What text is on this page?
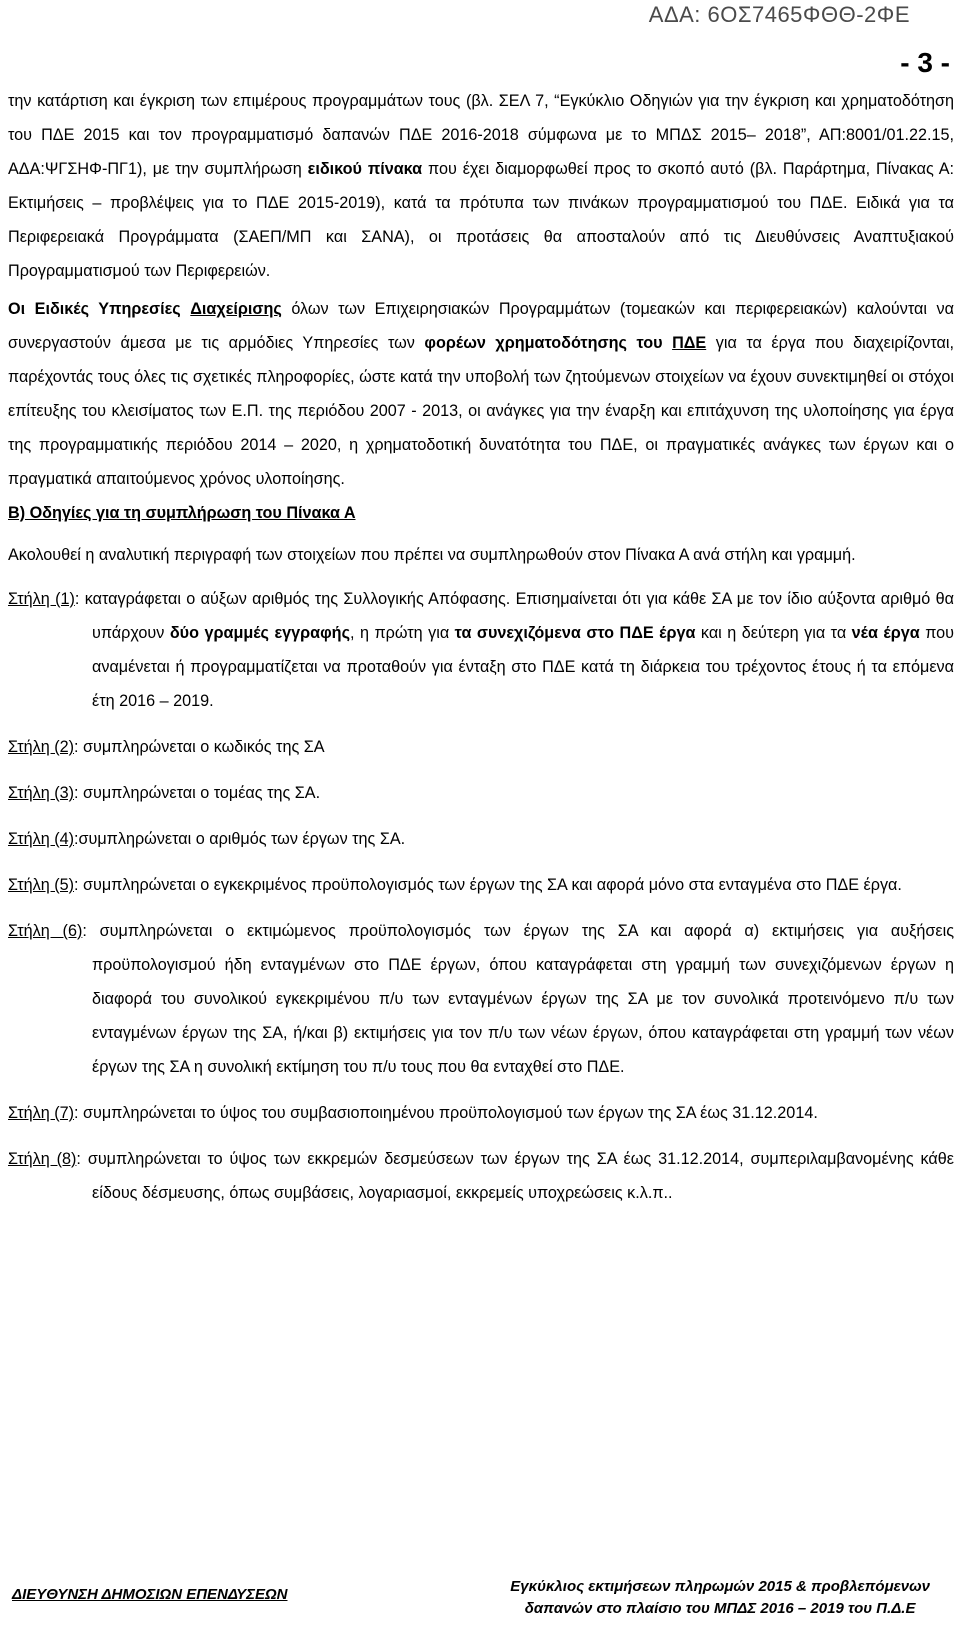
ΑΔΑ: 6ΟΣ7465ΦΘΘ-2ΦΕ
- 3 -

την κατάρτιση και έγκριση των επιμέρους προγραμμάτων τους (βλ. ΣΕΛ 7, “Εγκύκλιο Οδηγιών για την έγκριση και χρηματοδότηση του ΠΔΕ 2015 και τον προγραμματισμό δαπανών ΠΔΕ 2016-2018 σύμφωνα με το ΜΠΔΣ 2015– 2018”, ΑΠ:8001/01.22.15, ΑΔΑ:ΨΓΣΗΦ-ΠΓ1), με την συμπλήρωση ειδικού πίνακα που έχει διαμορφωθεί προς το σκοπό αυτό (βλ. Παράρτημα, Πίνακας Α: Εκτιμήσεις – προβλέψεις για το ΠΔΕ 2015-2019), κατά τα πρότυπα των πινάκων προγραμματισμού του ΠΔΕ. Ειδικά για τα Περιφερειακά Προγράμματα (ΣΑΕΠ/ΜΠ και ΣΑΝΑ), οι προτάσεις θα αποσταλούν από τις Διευθύνσεις Αναπτυξιακού Προγραμματισμού των Περιφερειών.

Οι Ειδικές Υπηρεσίες Διαχείρισης όλων των Επιχειρησιακών Προγραμμάτων (τομεακών και περιφερειακών) καλούνται να συνεργαστούν άμεσα με τις αρμόδιες Υπηρεσίες των φορέων χρηματοδότησης του ΠΔΕ για τα έργα που διαχειρίζονται, παρέχοντάς τους όλες τις σχετικές πληροφορίες, ώστε κατά την υποβολή των ζητούμενων στοιχείων να έχουν συνεκτιμηθεί οι στόχοι επίτευξης του κλεισίματος των Ε.Π. της περιόδου 2007 - 2013, οι ανάγκες για την έναρξη και επιτάχυνση της υλοποίησης για έργα της προγραμματικής περιόδου 2014 – 2020, η χρηματοδοτική δυνατότητα του ΠΔΕ, οι πραγματικές ανάγκες των έργων και ο πραγματικά απαιτούμενος χρόνος υλοποίησης.

Β) Οδηγίες για τη συμπλήρωση του Πίνακα Α

Ακολουθεί η αναλυτική περιγραφή των στοιχείων που πρέπει να συμπληρωθούν στον Πίνακα Α ανά στήλη και γραμμή.

Στήλη (1): καταγράφεται ο αύξων αριθμός της Συλλογικής Απόφασης. Επισημαίνεται ότι για κάθε ΣΑ με τον ίδιο αύξοντα αριθμό θα υπάρχουν δύο γραμμές εγγραφής, η πρώτη για τα συνεχιζόμενα στο ΠΔΕ έργα και η δεύτερη για τα νέα έργα που αναμένεται ή προγραμματίζεται να προταθούν για ένταξη στο ΠΔΕ κατά τη διάρκεια του τρέχοντος έτους ή τα επόμενα έτη 2016 – 2019.

Στήλη (2): συμπληρώνεται ο κωδικός της ΣΑ

Στήλη (3): συμπληρώνεται ο τομέας της ΣΑ.

Στήλη (4):συμπληρώνεται ο αριθμός των έργων της ΣΑ.

Στήλη (5): συμπληρώνεται ο εγκεκριμένος προϋπολογισμός των έργων της ΣΑ και αφορά μόνο στα ενταγμένα στο ΠΔΕ έργα.

Στήλη (6): συμπληρώνεται ο εκτιμώμενος προϋπολογισμός των έργων της ΣΑ και αφορά α) εκτιμήσεις για αυξήσεις προϋπολογισμού ήδη ενταγμένων στο ΠΔΕ έργων, όπου καταγράφεται στη γραμμή των συνεχιζόμενων έργων η διαφορά του συνολικού εγκεκριμένου π/υ των ενταγμένων έργων της ΣΑ με τον συνολικά προτεινόμενο π/υ των ενταγμένων έργων της ΣΑ, ή/και β) εκτιμήσεις για τον π/υ των νέων έργων, όπου καταγράφεται στη γραμμή των νέων έργων της ΣΑ η συνολική εκτίμηση του π/υ τους που θα ενταχθεί στο ΠΔΕ.

Στήλη (7): συμπληρώνεται το ύψος του συμβασιοποιημένου προϋπολογισμού των έργων της ΣΑ έως 31.12.2014.

Στήλη (8): συμπληρώνεται το ύψος των εκκρεμών δεσμεύσεων των έργων της ΣΑ έως 31.12.2014, συμπεριλαμβανομένης κάθε είδους δέσμευσης, όπως συμβάσεις, λογαριασμοί, εκκρεμείς υποχρεώσεις κ.λ.π..

ΔΙΕΥΘΥΝΣΗ ΔΗΜΟΣΙΩΝ ΕΠΕΝΔΥΣΕΩΝ	Εγκύκλιος εκτιμήσεων πληρωμών 2015 & προβλεπόμενων
δαπανών στο πλαίσιο του ΜΠΔΣ 2016 – 2019 του Π.Δ.Ε
